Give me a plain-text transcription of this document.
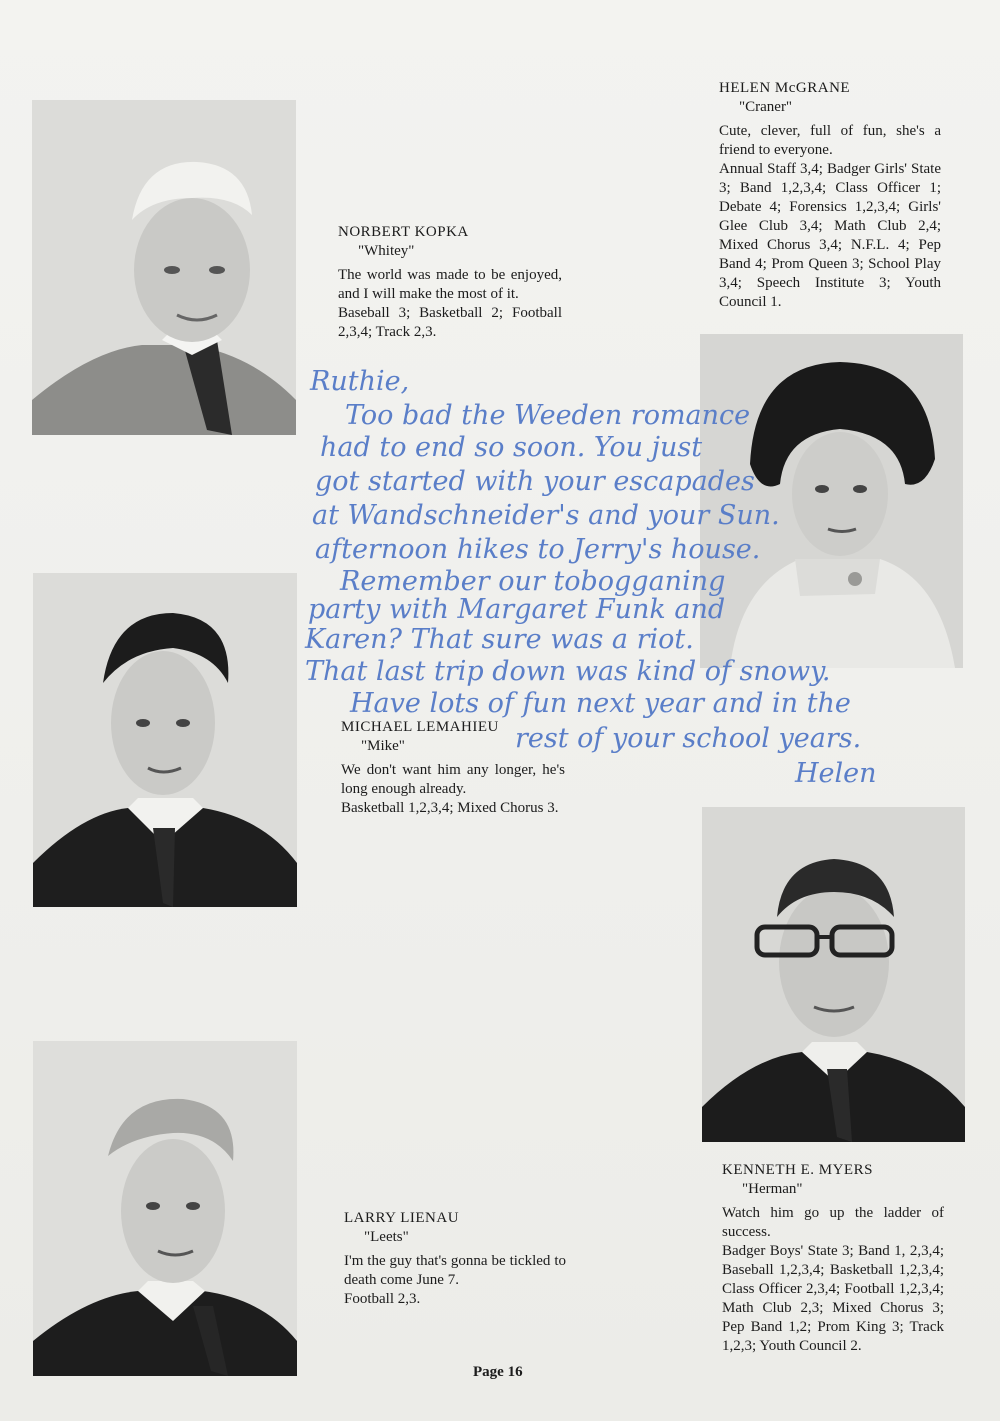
NORBERT KOPKA
"Whitey"
The world was made to be enjoyed, and I will make the most of it.
Baseball 3; Basketball 2; Football 2,3,4; Track 2,3.
HELEN McGRANE
"Craner"
Cute, clever, full of fun, she's a friend to everyone.
Annual Staff 3,4; Badger Girls' State 3; Band 1,2,3,4; Class Officer 1; Debate 4; Forensics 1,2,3,4; Girls' Glee Club 3,4; Math Club 2,4; Mixed Chorus 3,4; N.F.L. 4; Pep Band 4; Prom Queen 3; School Play 3,4; Speech Institute 3; Youth Council 1.
MICHAEL LEMAHIEU
"Mike"
We don't want him any longer, he's long enough already.
Basketball 1,2,3,4; Mixed Chorus 3.
KENNETH E. MYERS
"Herman"
Watch him go up the ladder of success.
Badger Boys' State 3; Band 1, 2,3,4; Baseball 1,2,3,4; Basketball 1,2,3,4; Class Officer 2,3,4; Football 1,2,3,4; Math Club 2,3; Mixed Chorus 3; Pep Band 1,2; Prom King 3; Track 1,2,3; Youth Council 2.
LARRY LIENAU
"Leets"
I'm the guy that's gonna be tickled to death come June 7.
Football 2,3.
Ruthie,
Too bad the Weeden romance
had to end so soon. You just
got started with your escapades
at Wandschneider's and your Sun.
afternoon hikes to Jerry's house.
Remember our tobogganing
party with Margaret Funk and
Karen? That sure was a riot.
That last trip down was kind of snowy.
Have lots of fun next year and in the
rest of your school years.
Helen
Page 16
